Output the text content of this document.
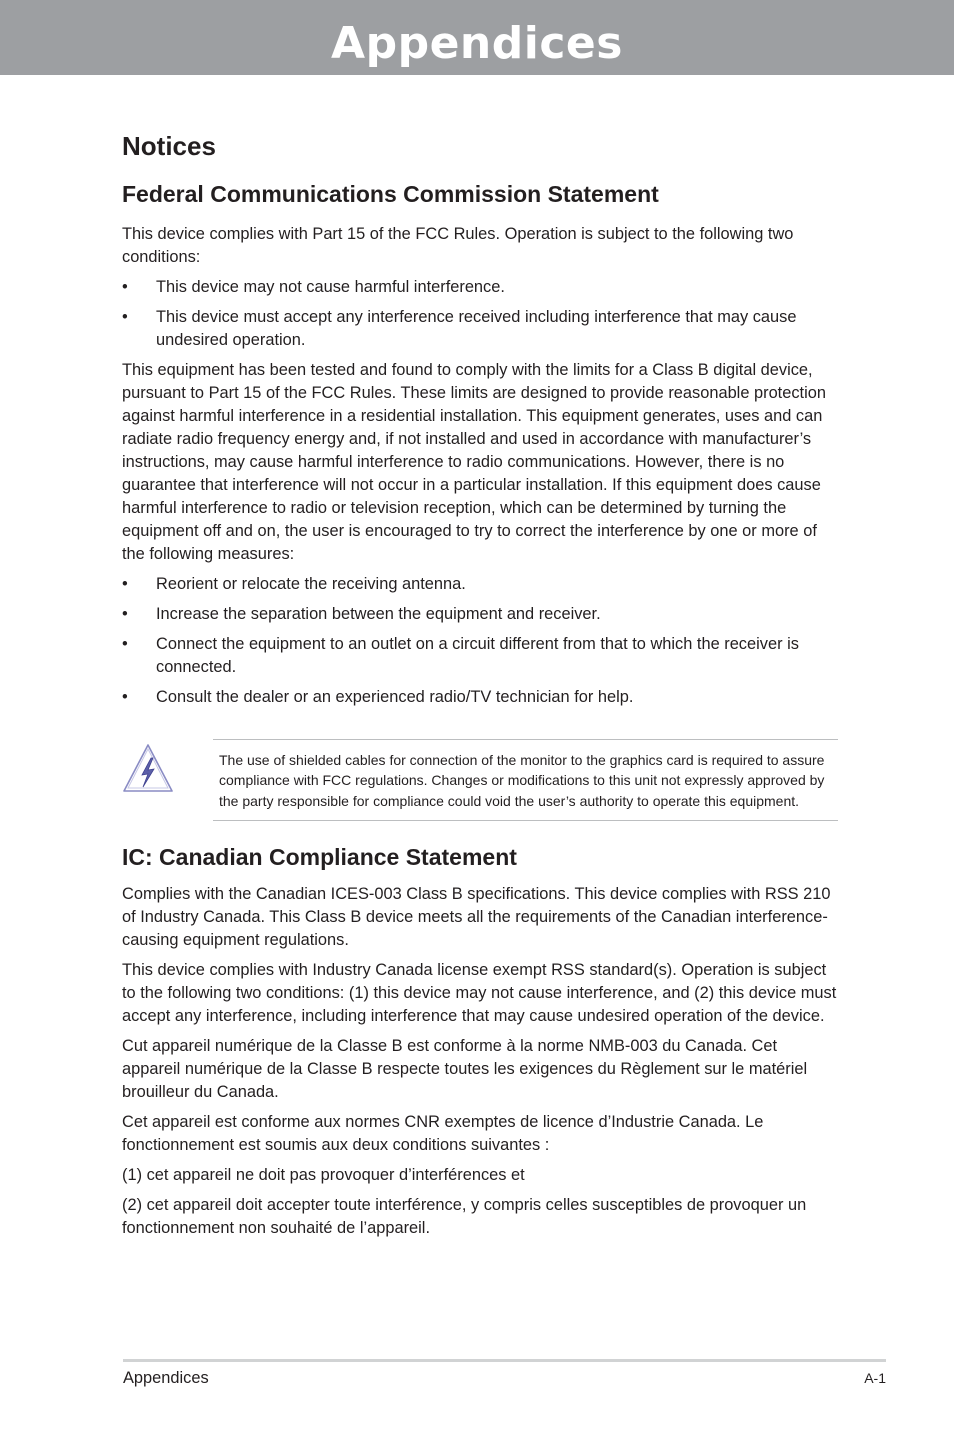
Appendices
Notices
Federal Communications Commission Statement

This device complies with Part 15 of the FCC Rules. Operation is subject to the following two conditions:

• This device may not cause harmful interference.
• This device must accept any interference received including interference that may cause undesired operation.

This equipment has been tested and found to comply with the limits for a Class B digital device, pursuant to Part 15 of the FCC Rules. These limits are designed to provide reasonable protection against harmful interference in a residential installation. This equipment generates, uses and can radiate radio frequency energy and, if not installed and used in accordance with manufacturer’s instructions, may cause harmful interference to radio communications. However, there is no guarantee that interference will not occur in a particular installation. If this equipment does cause harmful interference to radio or television reception, which can be determined by turning the equipment off and on, the user is encouraged to try to correct the interference by one or more of the following measures:

• Reorient or relocate the receiving antenna.
• Increase the separation between the equipment and receiver.
• Connect the equipment to an outlet on a circuit different from that to which the receiver is connected.
• Consult the dealer or an experienced radio/TV technician for help.
The use of shielded cables for connection of the monitor to the graphics card is required to assure compliance with FCC regulations. Changes or modifications to this unit not expressly approved by the party responsible for compliance could void the user’s authority to operate this equipment.
IC: Canadian Compliance Statement

Complies with the Canadian ICES-003 Class B specifications. This device complies with RSS 210 of Industry Canada. This Class B device meets all the requirements of the Canadian interference-causing equipment regulations.

This device complies with Industry Canada license exempt RSS standard(s). Operation is subject to the following two conditions: (1) this device may not cause interference, and (2) this device must accept any interference, including interference that may cause undesired operation of the device.

Cut appareil numérique de la Classe B est conforme à la norme NMB-003 du Canada. Cet appareil numérique de la Classe B respecte toutes les exigences du Règlement sur le matériel brouilleur du Canada.

Cet appareil est conforme aux normes CNR exemptes de licence d’Industrie Canada. Le fonctionnement est soumis aux deux conditions suivantes :

(1) cet appareil ne doit pas provoquer d’interférences et

(2) cet appareil doit accepter toute interférence, y compris celles susceptibles de provoquer un fonctionnement non souhaité de l’appareil.

Appendices	A-1
